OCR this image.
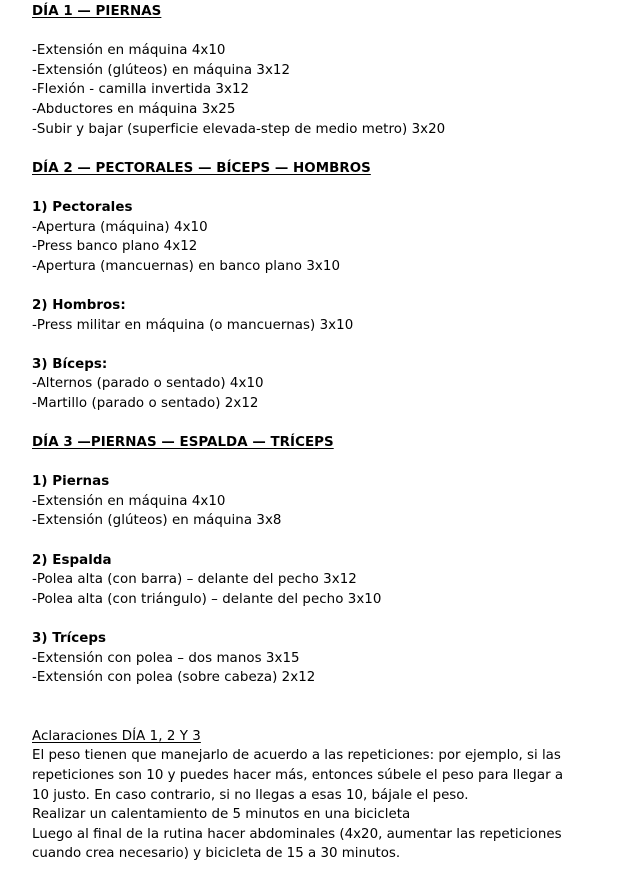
DÍA 1 — PIERNAS
-Extensión en máquina 4x10
-Extensión (glúteos) en máquina 3x12
-Flexión - camilla invertida 3x12
-Abductores en máquina 3x25
-Subir y bajar (superficie elevada-step de medio metro) 3x20
DÍA 2 — PECTORALES — BÍCEPS — HOMBROS
1) Pectorales
-Apertura (máquina) 4x10
-Press banco plano 4x12
-Apertura (mancuernas) en banco plano 3x10
2) Hombros:
-Press militar en máquina (o mancuernas) 3x10
3) Bíceps:
-Alternos (parado o sentado) 4x10
-Martillo (parado o sentado) 2x12
DÍA 3 —PIERNAS — ESPALDA — TRÍCEPS
1) Piernas
-Extensión en máquina 4x10
-Extensión (glúteos) en máquina 3x8
2) Espalda
-Polea alta (con barra) – delante del pecho 3x12
-Polea alta (con triángulo) – delante del pecho 3x10
3) Tríceps
-Extensión con polea – dos manos 3x15
-Extensión con polea (sobre cabeza) 2x12
Aclaraciones DÍA 1, 2 Y 3
El peso tienen que manejarlo de acuerdo a las repeticiones: por ejemplo, si las
repeticiones son 10 y puedes hacer más, entonces súbele el peso para llegar a
10 justo. En caso contrario, si no llegas a esas 10, bájale el peso.
Realizar un calentamiento de 5 minutos en una bicicleta
Luego al final de la rutina hacer abdominales (4x20, aumentar las repeticiones
cuando crea necesario) y bicicleta de 15 a 30 minutos.
